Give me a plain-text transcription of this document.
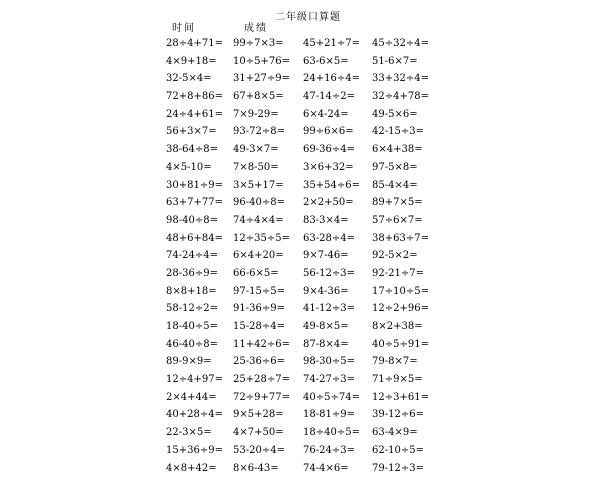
二年级口算题
时间	成绩
28÷4+71=
4×9+18=
32-5×4=
72+8+86=
24÷4+61=
56+3×7=
38-64÷8=
4×5-10=
30+81÷9=
63+7+77=
98-40÷8=
48+6+84=
74-24÷4=
28-36÷9=
8×8+18=
58-12÷2=
18-40÷5=
46-40÷8=
89-9×9=
12÷4+97=
2×4+44=
40+28÷4=
22-3×5=
15+36÷9=
4×8+42=
99÷7×3=
10÷5+76=
31+27÷9=
67+8×5=
7×9-29=
93-72÷8=
49-3×7=
7×8-50=
3×5+17=
96-40÷8=
74÷4×4=
12÷35÷5=
6×4+20=
66-6×5=
97-15÷5=
91-36÷9=
15-28÷4=
11+42÷6=
25-36÷6=
25+28÷7=
72÷9+77=
9×5+28=
4×7+50=
53-20÷4=
8×6-43=
45+21÷7=
63-6×5=
24+16÷4=
47-14÷2=
6×4-24=
99÷6×6=
69-36÷4=
3×6+32=
35+54÷6=
2×2+50=
83-3×4=
63-28÷4=
9×7-46=
56-12÷3=
9×4-36=
41-12÷3=
49-8×5=
87-8×4=
98-30÷5=
74-27÷3=
40÷5÷74=
18-81÷9=
18÷40÷5=
76-24÷3=
74-4×6=
45÷32÷4=
51-6×7=
33+32÷4=
32÷4+78=
49-5×6=
42-15÷3=
6×4+38=
97-5×8=
85-4×4=
89+7×5=
57÷6×7=
38+63÷7=
92-5×2=
92-21÷7=
17÷10÷5=
12÷2+96=
8×2+38=
40÷5÷91=
79-8×7=
71÷9×5=
12÷3+61=
39-12÷6=
63-4×9=
62-10÷5=
79-12÷3=
